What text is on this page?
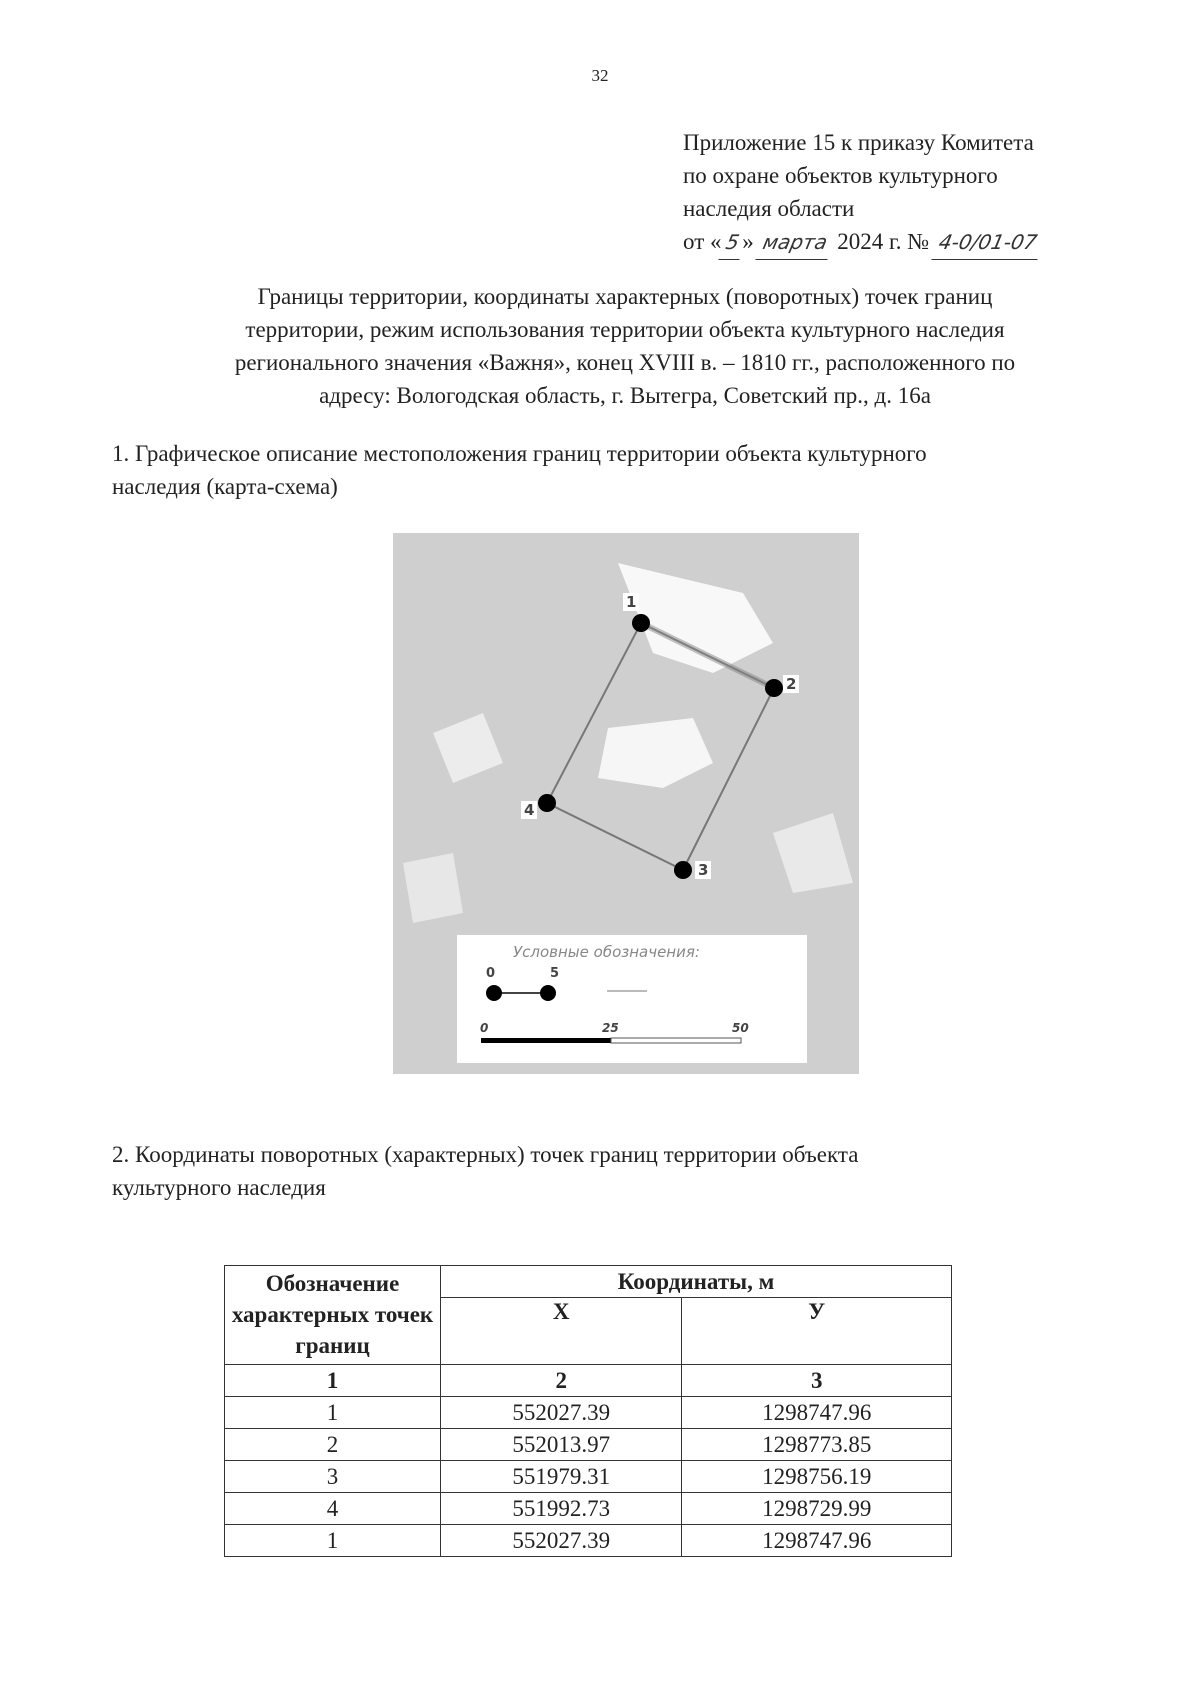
32
Приложение 15 к приказу Комитета
по охране объектов культурного
наследия области
от «5» марта 2024 г. № 4-0/01-07
Границы территории, координаты характерных (поворотных) точек границ
территории, режим использования территории объекта культурного наследия
регионального значения «Важня», конец XVIII в. – 1810 гг., расположенного по
адресу: Вологодская область, г. Вытегра, Советский пр., д. 16а
1. Графическое описание местоположения границ территории объекта культурного
наследия (карта-схема)
1
2
3
4
Условные обозначения:
0	5
0	25	50
2. Координаты поворотных (характерных) точек границ территории объекта
культурного наследия
Обозначение характерных точек границ	Координаты, м	
	X	У
1	2	3
1	552027.39	1298747.96
2	552013.97	1298773.85
3	551979.31	1298756.19
4	551992.73	1298729.99
1	552027.39	1298747.96
